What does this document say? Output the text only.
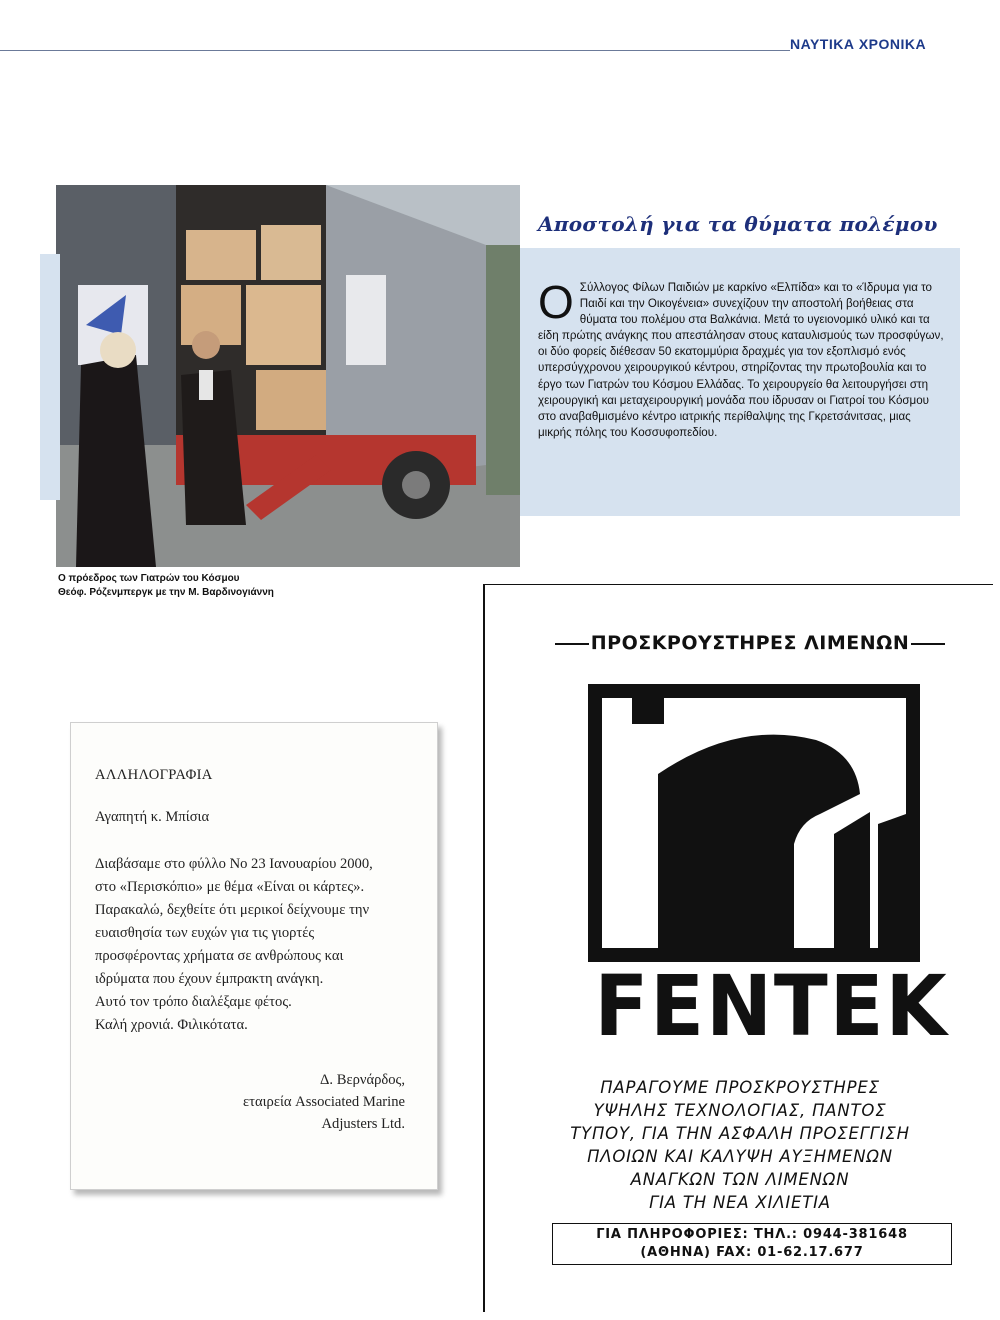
ΝΑΥΤΙΚΑ ΧΡΟΝΙΚΑ
Ο πρόεδρος των Γιατρών του Κόσμου
Θεόφ. Ρόζενμπεργκ με την Μ. Βαρδινογιάννη
Αποστολή για τα θύματα πολέμου
Ο Σύλλογος Φίλων Παιδιών με καρκίνο «Ελπίδα» και το «Ίδρυμα για το Παιδί και την Οικογένεια» συνεχίζουν την αποστολή βοήθειας στα θύματα του πολέμου στα Βαλκάνια. Μετά το υγειονομικό υλικό και τα είδη πρώτης ανάγκης που απεστάλησαν στους καταυλισμούς των προσφύγων, οι δύο φορείς διέθεσαν 50 εκατομμύρια δραχμές για τον εξοπλισμό ενός υπερσύγχρονου χειρουργικού κέντρου, στηρίζοντας την πρωτοβουλία και το έργο των Γιατρών του Κόσμου Ελλάδας. Το χειρουργείο θα λειτουργήσει στη χειρουργική και μεταχειρουργική μονάδα που ίδρυσαν οι Γιατροί του Κόσμου στο αναβαθμισμένο κέντρο ιατρικής περίθαλψης της Γκρετσάνιτσας, μιας μικρής πόλης του Κοσσυφοπεδίου.
ΑΛΛΗΛΟΓΡΑΦΙΑ
Αγαπητή κ. Μπίσια
Διαβάσαμε στο φύλλο Νο 23 Ιανουαρίου 2000,
στο «Περισκόπιο» με θέμα «Είναι οι κάρτες».
Παρακαλώ, δεχθείτε ότι μερικοί δείχνουμε την
ευαισθησία των ευχών για τις γιορτές
προσφέροντας χρήματα σε ανθρώπους και
ιδρύματα που έχουν έμπρακτη ανάγκη.
Αυτό τον τρόπο διαλέξαμε φέτος.
Καλή χρονιά. Φιλικότατα.
Δ. Βερνάρδος,
εταιρεία Associated Marine
Adjusters Ltd.
ΠΡΟΣΚΡΟΥΣΤΗΡΕΣ ΛΙΜΕΝΩΝ
FENTEK
ΠΑΡΑΓΟΥΜΕ ΠΡΟΣΚΡΟΥΣΤΗΡΕΣ
ΥΨΗΛΗΣ ΤΕΧΝΟΛΟΓΙΑΣ, ΠΑΝΤΟΣ
ΤΥΠΟΥ, ΓΙΑ ΤΗΝ ΑΣΦΑΛΗ ΠΡΟΣΕΓΓΙΣΗ
ΠΛΟΙΩΝ ΚΑΙ ΚΑΛΥΨΗ ΑΥΞΗΜΕΝΩΝ
ΑΝΑΓΚΩΝ ΤΩΝ ΛΙΜΕΝΩΝ
ΓΙΑ ΤΗ ΝΕΑ ΧΙΛΙΕΤΙΑ
ΓΙΑ ΠΛΗΡΟΦΟΡΙΕΣ: ΤΗΛ.: 0944-381648
(ΑΘΗΝΑ) FAX: 01-62.17.677
